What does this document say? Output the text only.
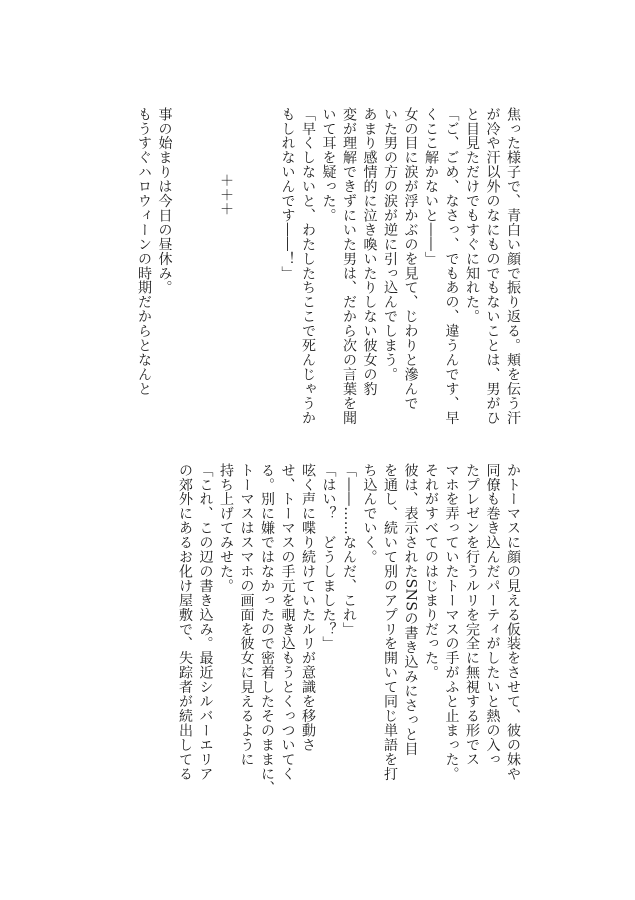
焦った様子で、青白い顔で振り返る。頬を伝う汗
が冷や汗以外のなにものでもないことは、男がひ
と目見ただけでもすぐに知れた。
「ご、ごめ、なさっ、でもあの、違うんです、早
くここ解かないと――」
女の目に涙が浮かぶのを見て、じわりと滲んで
いた男の方の涙が逆に引っ込んでしまう。
あまり感情的に泣き喚いたりしない彼女の豹
変が理解できずにいた男は、だから次の言葉を聞
いて耳を疑った。
「早くしないと、わたしたちここで死んじゃうか
もしれないんです――！」
＋＋＋
事の始まりは今日の昼休み。
もうすぐハロウィーンの時期だからとなんと
かトーマスに顔の見える仮装をさせて、彼の妹や
同僚も巻き込んだパーティがしたいと熱の入っ
たプレゼンを行うルリを完全に無視する形でス
マホを弄っていたトーマスの手がふと止まった。
それがすべてのはじまりだった。
彼は、表示されたSNSの書き込みにさっと目
を通し、続いて別のアプリを開いて同じ単語を打
ち込んでいく。
「――……なんだ、これ」
「はい？　どうしました？」
呟く声に喋り続けていたルリが意識を移動さ
せ、トーマスの手元を覗き込もうとくっついてく
る。別に嫌ではなかったので密着したそのままに、
トーマスはスマホの画面を彼女に見えるように
持ち上げてみせた。
「これ、この辺の書き込み。最近シルバーエリア
の郊外にあるお化け屋敷で、失踪者が続出してる
